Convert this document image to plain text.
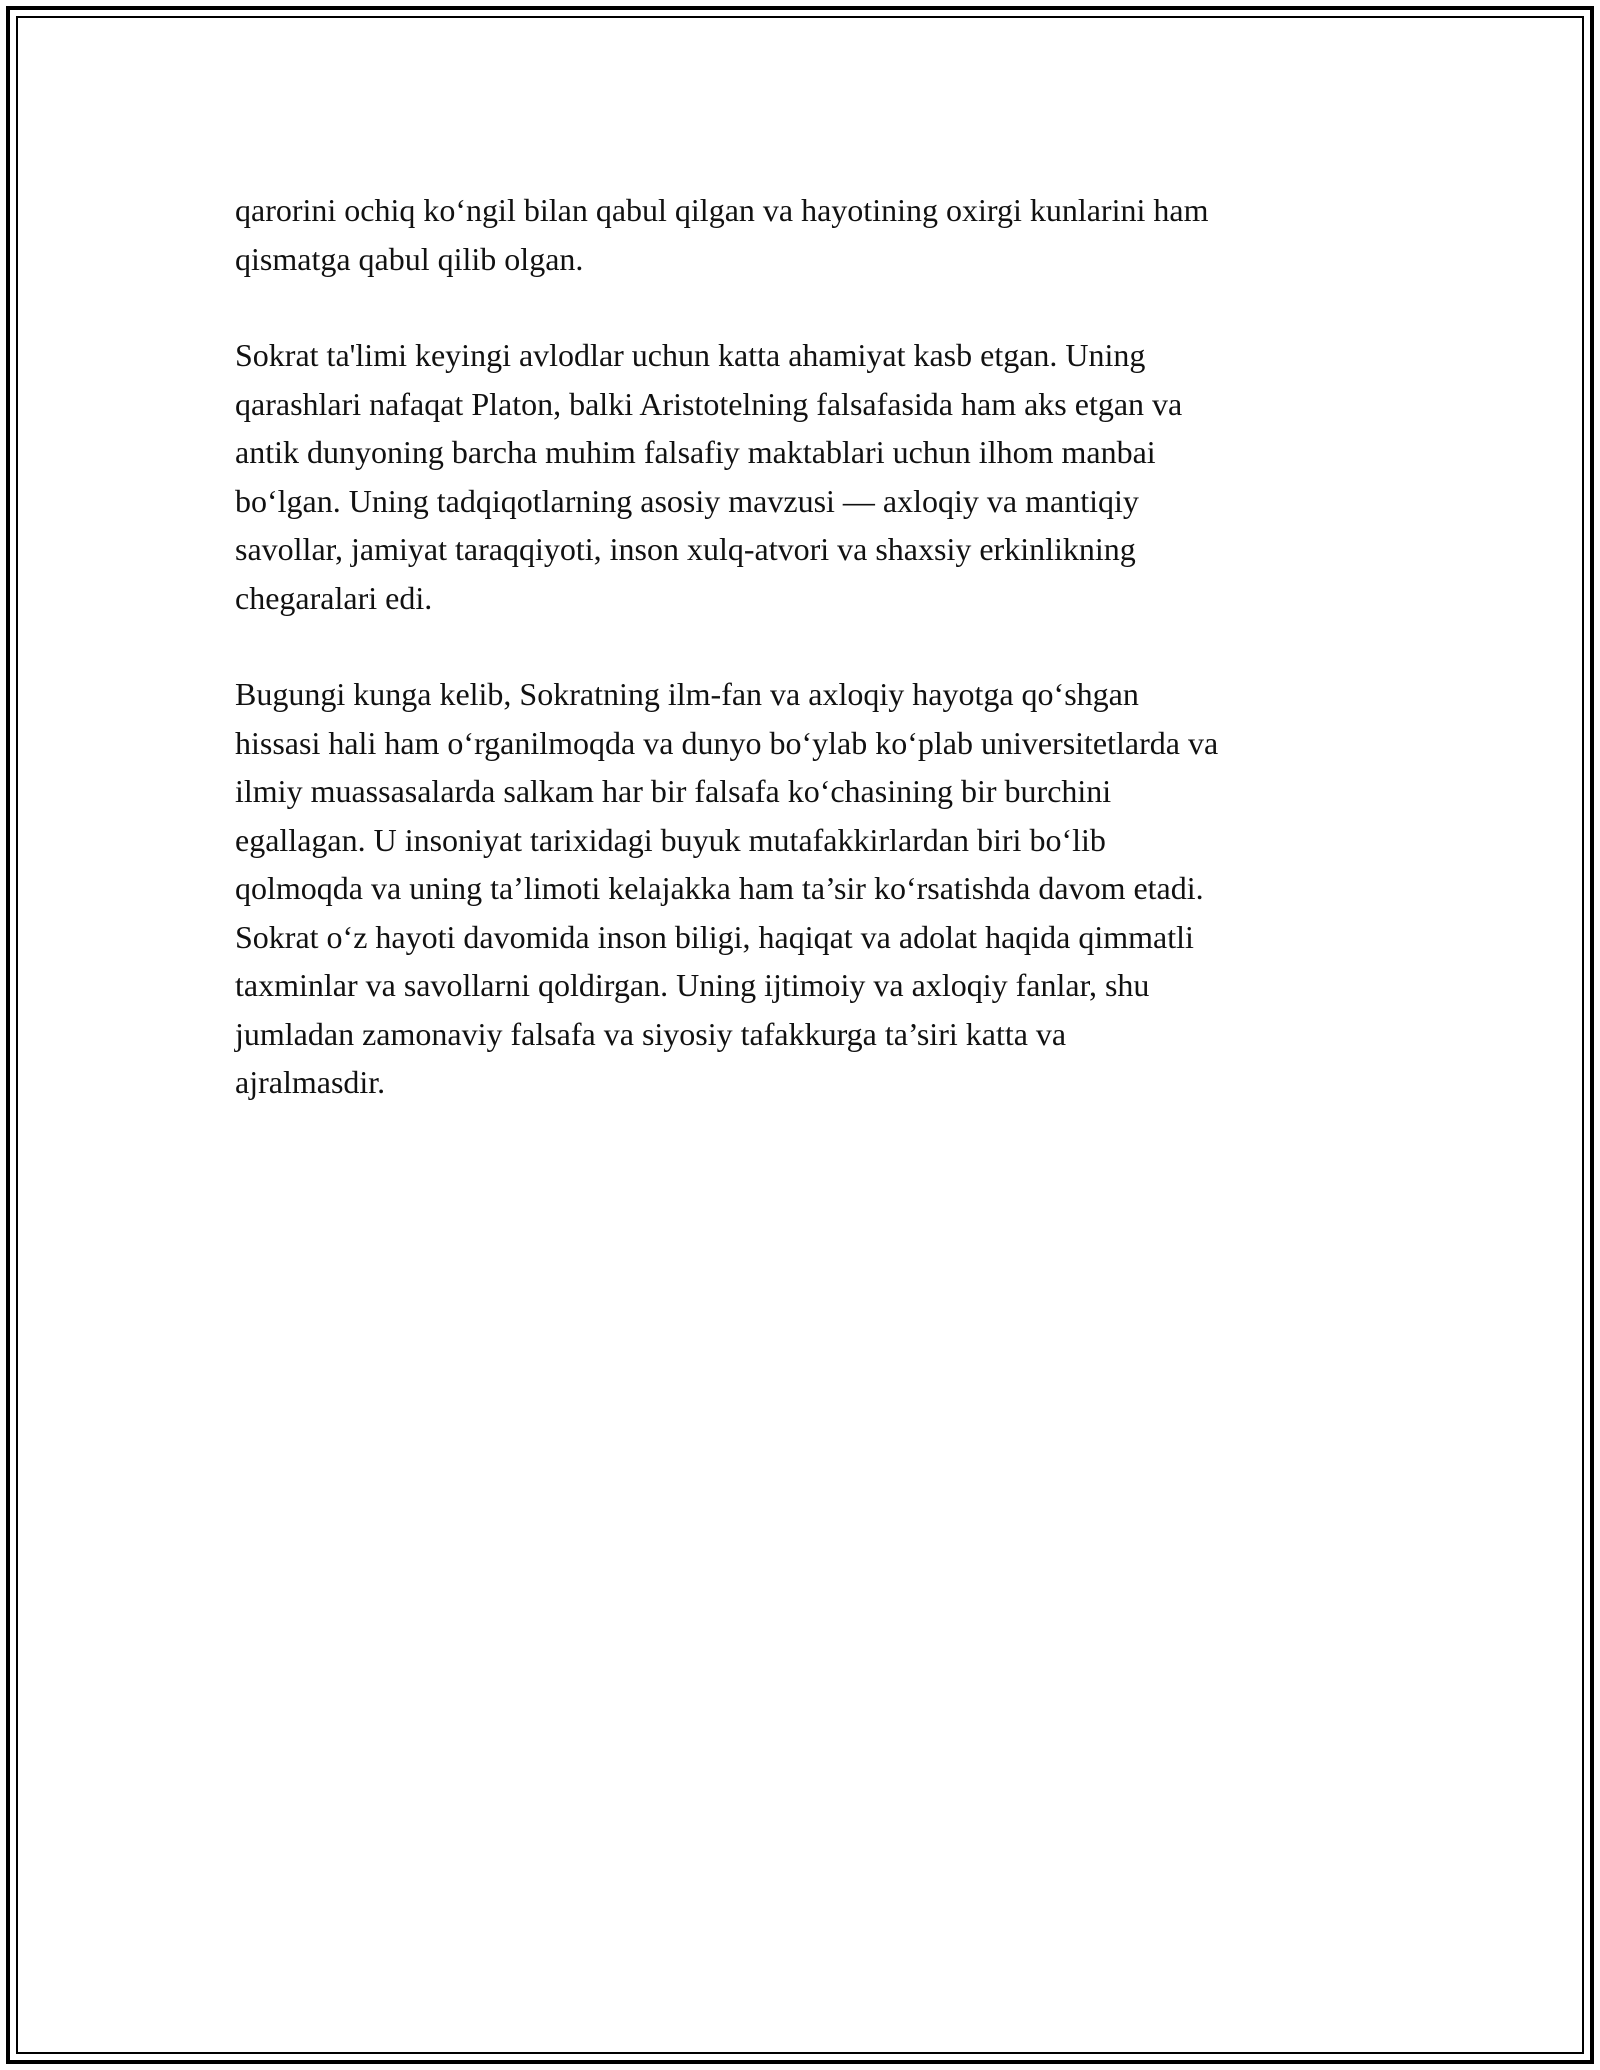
qarorini ochiq koʻngil bilan qabul qilgan va hayotining oxirgi kunlarini ham
qismatga qabul qilib olgan.

Sokrat ta'limi keyingi avlodlar uchun katta ahamiyat kasb etgan. Uning
qarashlari nafaqat Platon, balki Aristotelning falsafasida ham aks etgan va
antik dunyoning barcha muhim falsafiy maktablari uchun ilhom manbai
boʻlgan. Uning tadqiqotlarning asosiy mavzusi — axloqiy va mantiqiy
savollar, jamiyat taraqqiyoti, inson xulq-atvori va shaxsiy erkinlikning
chegaralari edi.

Bugungi kunga kelib, Sokratning ilm-fan va axloqiy hayotga qoʻshgan
hissasi hali ham oʻrganilmoqda va dunyo boʻylab koʻplab universitetlarda va
ilmiy muassasalarda salkam har bir falsafa koʻchasining bir burchini
egallagan. U insoniyat tarixidagi buyuk mutafakkirlardan biri boʻlib
qolmoqda va uning ta’limoti kelajakka ham ta’sir koʻrsatishda davom etadi.
Sokrat oʻz hayoti davomida inson biligi, haqiqat va adolat haqida qimmatli
taxminlar va savollarni qoldirgan. Uning ijtimoiy va axloqiy fanlar, shu
jumladan zamonaviy falsafa va siyosiy tafakkurga ta’siri katta va
ajralmasdir.
